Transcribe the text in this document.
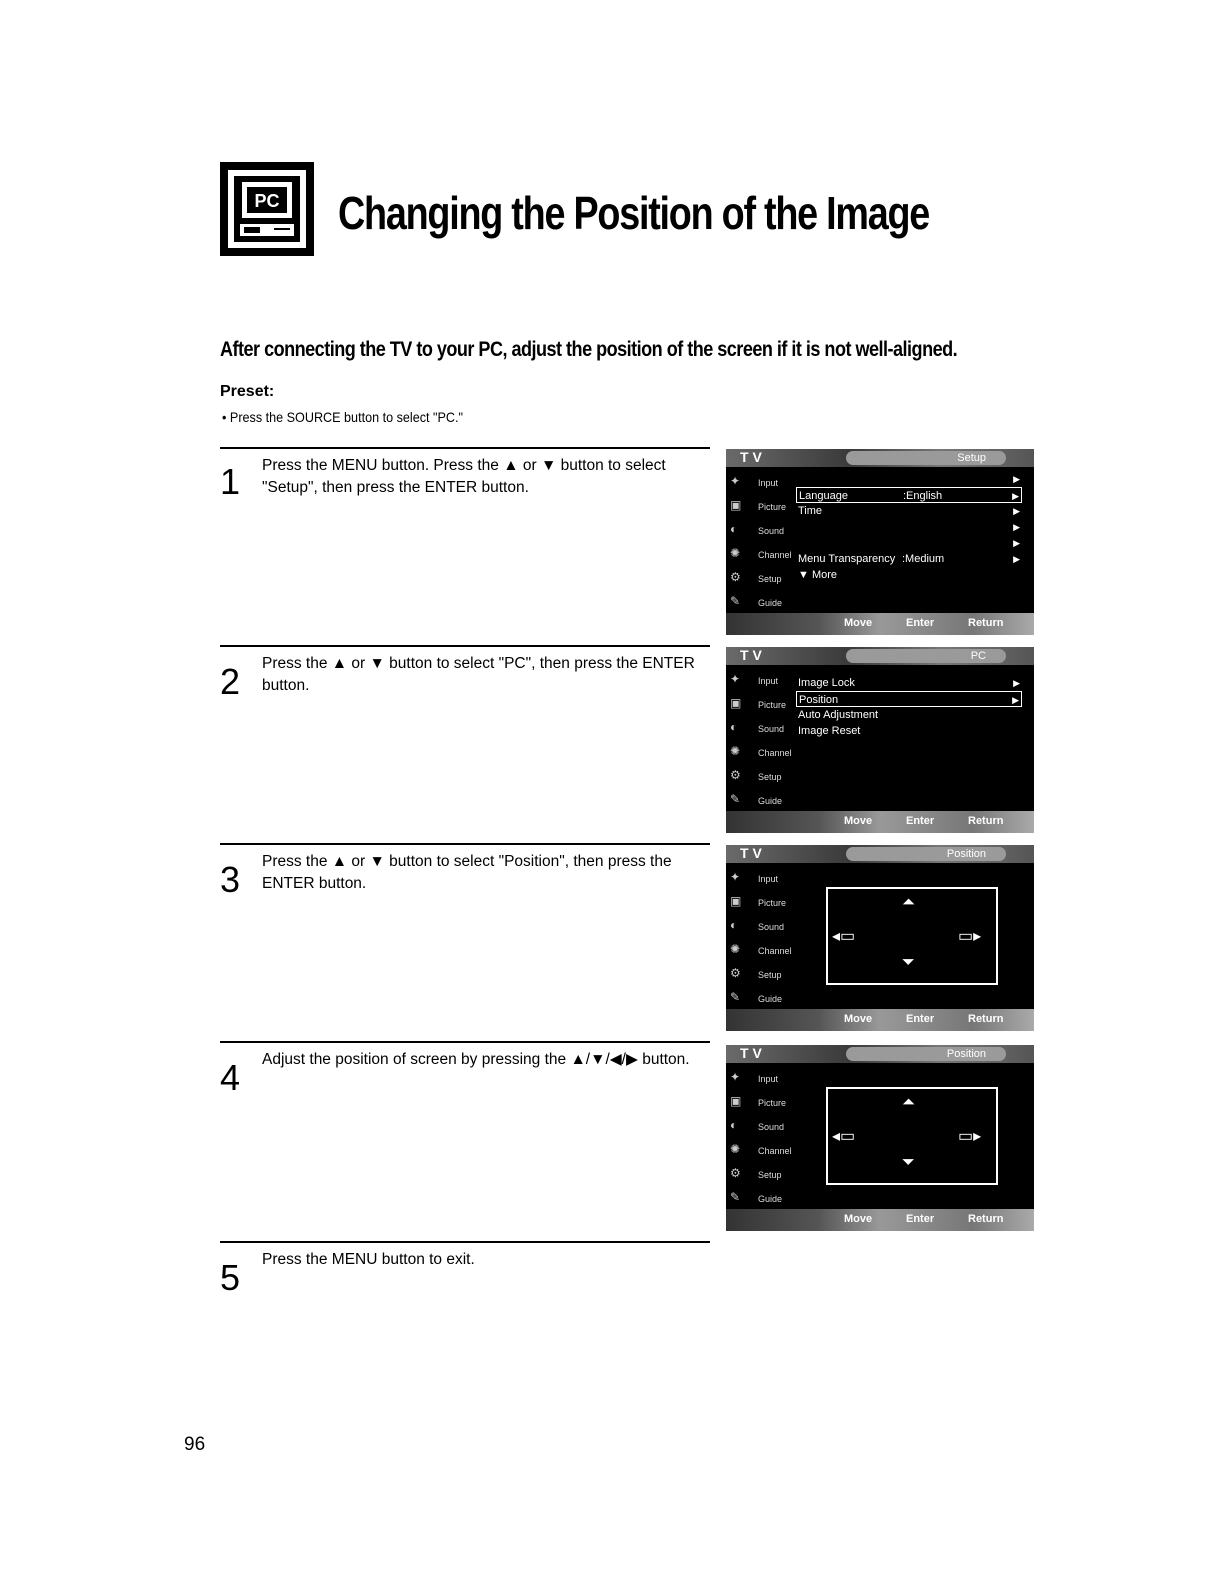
PC Changing the Position of the Image

After connecting the TV to your PC, adjust the position of the screen if it is not well-aligned.

Preset:

• Press the SOURCE button to select "PC."

1 Press the MENU button. Press the ▲ or ▼ button to select "Setup", then press the ENTER button.

T V	Setup
✦ Input
▣ Picture
◐ Sound
✺ Channel
⚙ Setup
✎ Guide
▶
Language	:English	▶
Time	▶
▶
▶
Menu Transparency :Medium	▶
▼ More
Move	Enter	Return
2 Press the ▲ or ▼ button to select "PC", then press the ENTER button.

T V	PC
✦ Input
▣ Picture
◐ Sound
✺ Channel
⚙ Setup
✎ Guide
Image Lock	▶
Position	▶
Auto Adjustment
Image Reset
Move	Enter	Return
3 Press the ▲ or ▼ button to select "Position", then press the ENTER button.

T V	Position
✦ Input
▣ Picture
◐ Sound
✺ Channel
⚙ Setup
✎ Guide
⏶
⏷
◂▭	▭▸
Move	Enter	Return
4 Adjust the position of screen by pressing the ▲/▼/◀/▶ button.	T V	Position
✦ Input
▣ Picture
◐ Sound
✺ Channel
⚙ Setup
✎ Guide
⏶
⏷
◂▭	▭▸
Move	Enter	Return
5 Press the MENU button to exit.

96
